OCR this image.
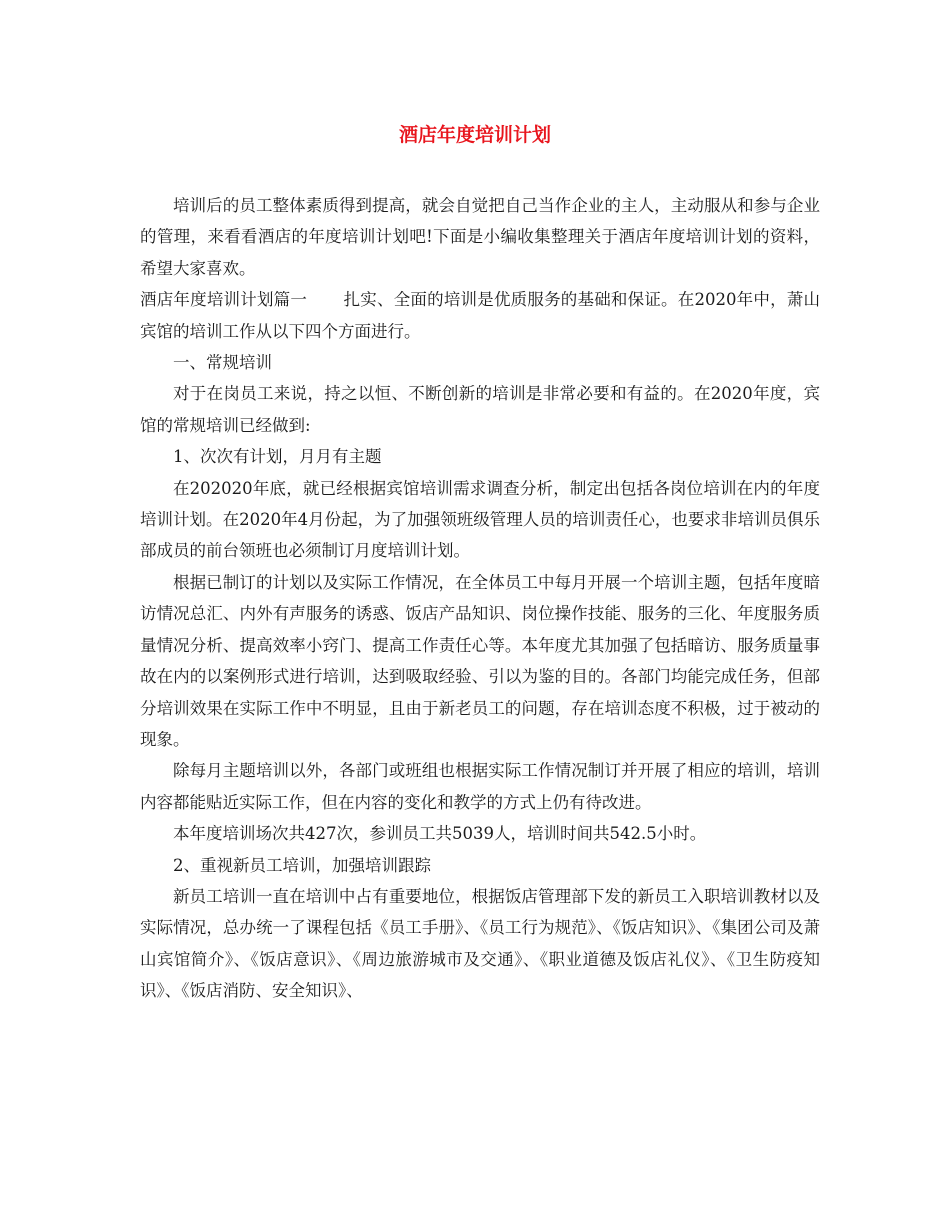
酒店年度培训计划

培训后的员工整体素质得到提高，就会自觉把自己当作企业的主人，主动服从和参与企业的管理，来看看酒店的年度培训计划吧!下面是小编收集整理关于酒店年度培训计划的资料，希望大家喜欢。

酒店年度培训计划篇一 扎实、全面的培训是优质服务的基础和保证。在2020年中，萧山宾馆的培训工作从以下四个方面进行。

一、常规培训

对于在岗员工来说，持之以恒、不断创新的培训是非常必要和有益的。在2020年度，宾馆的常规培训已经做到:

1、次次有计划，月月有主题

在202020年底，就已经根据宾馆培训需求调查分析，制定出包括各岗位培训在内的年度培训计划。在2020年4月份起，为了加强领班级管理人员的培训责任心，也要求非培训员俱乐部成员的前台领班也必须制订月度培训计划。

根据已制订的计划以及实际工作情况，在全体员工中每月开展一个培训主题，包括年度暗访情况总汇、内外有声服务的诱惑、饭店产品知识、岗位操作技能、服务的三化、年度服务质量情况分析、提高效率小窍门、提高工作责任心等。本年度尤其加强了包括暗访、服务质量事故在内的以案例形式进行培训，达到吸取经验、引以为鉴的目的。各部门均能完成任务，但部分培训效果在实际工作中不明显，且由于新老员工的问题，存在培训态度不积极，过于被动的现象。

除每月主题培训以外，各部门或班组也根据实际工作情况制订并开展了相应的培训，培训内容都能贴近实际工作，但在内容的变化和教学的方式上仍有待改进。

本年度培训场次共427次，参训员工共5039人，培训时间共542.5小时。

2、重视新员工培训，加强培训跟踪

新员工培训一直在培训中占有重要地位，根据饭店管理部下发的新员工入职培训教材以及实际情况，总办统一了课程包括《员工手册》、《员工行为规范》、《饭店知识》、《集团公司及萧山宾馆简介》、《饭店意识》、《周边旅游城市及交通》、《职业道德及饭店礼仪》、《卫生防疫知识》、《饭店消防、安全知识》、
